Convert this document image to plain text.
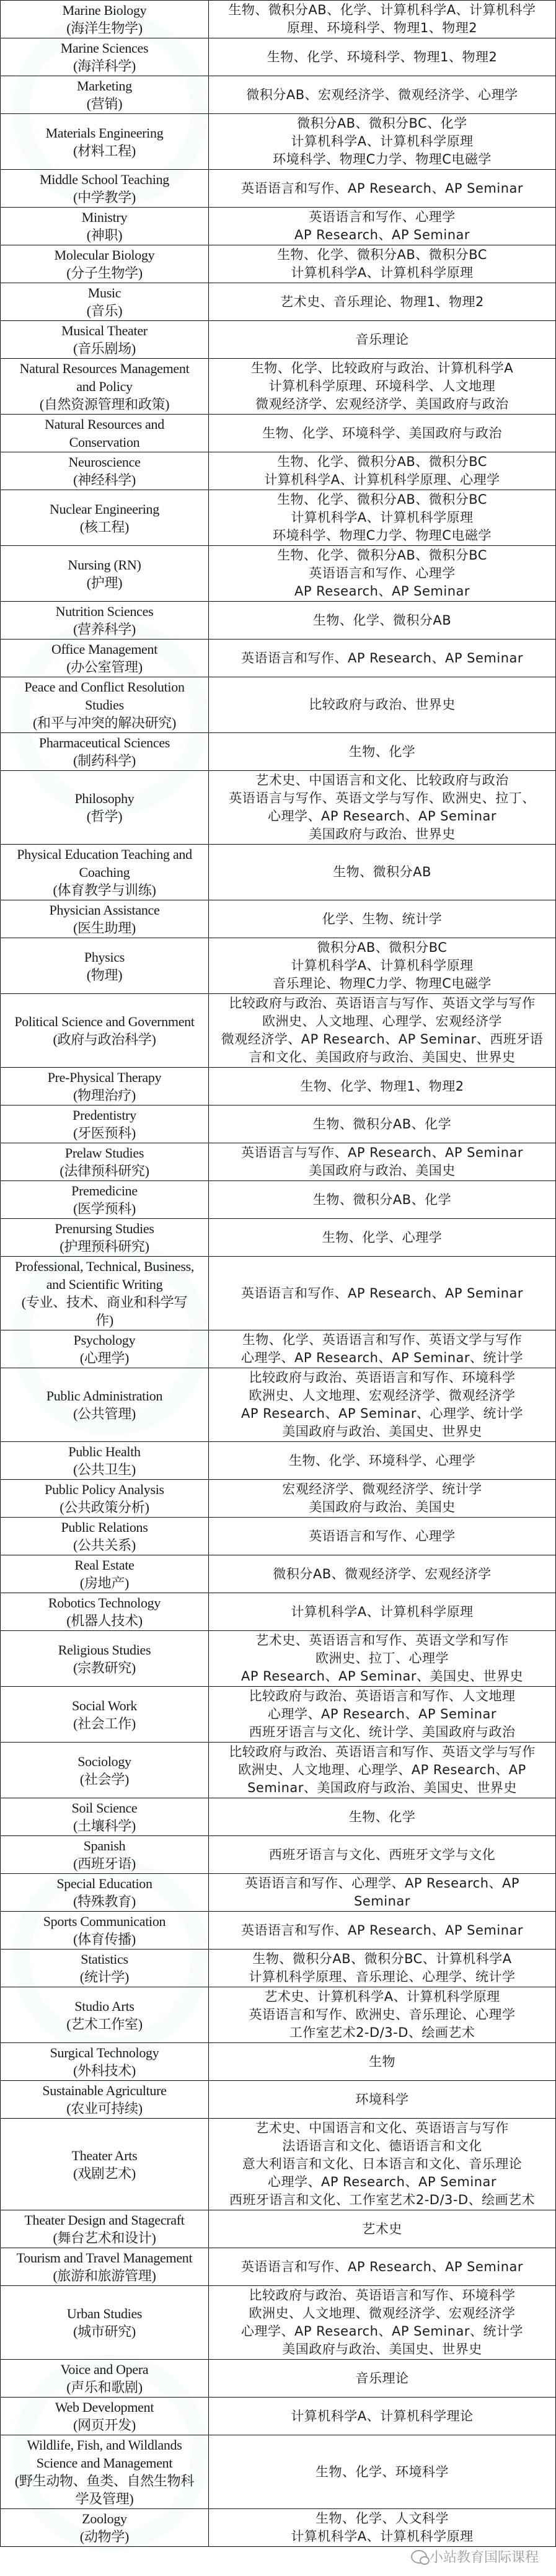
Marine Biology
(海洋生物学)	生物、微积分AB、化学、计算机科学A、计算机科学
原理、环境科学、物理1、物理2

Marine Sciences
(海洋科学)	生物、化学、环境科学、物理1、物理2

Marketing
(营销)	微积分AB、宏观经济学、微观经济学、心理学

Materials Engineering
(材料工程)	微积分AB、微积分BC、化学
计算机科学A、计算机科学原理
环境科学、物理C力学、物理C电磁学

Middle School Teaching
(中学教学)	英语语言和写作、AP Research、AP Seminar

Ministry
(神职)	英语语言和写作、心理学
AP Research、AP Seminar

Molecular Biology
(分子生物学)	生物、化学、微积分AB、微积分BC
计算机科学A、计算机科学原理

Music
(音乐)	艺术史、音乐理论、物理1、物理2

Musical Theater
(音乐剧场)	音乐理论

Natural Resources Management
and Policy
(自然资源管理和政策)	生物、化学、比较政府与政治、计算机科学A
计算机科学原理、环境科学、人文地理
微观经济学、宏观经济学、美国政府与政治

Natural Resources and
Conservation	生物、化学、环境科学、美国政府与政治

Neuroscience
(神经科学)	生物、化学、微积分AB、微积分BC
计算机科学A、计算机科学原理、心理学

Nuclear Engineering
(核工程)	生物、化学、微积分AB、微积分BC
计算机科学A、计算机科学原理
环境科学、物理C力学、物理C电磁学

Nursing (RN)
(护理)	生物、化学、微积分AB、微积分BC
英语语言和写作、心理学
AP Research、AP Seminar

Nutrition Sciences
(营养科学)	生物、化学、微积分AB

Office Management
(办公室管理)	英语语言和写作、AP Research、AP Seminar

Peace and Conflict Resolution
Studies
(和平与冲突的解决研究)	比较政府与政治、世界史

Pharmaceutical Sciences
(制药科学)	生物、化学

Philosophy
(哲学)	艺术史、中国语言和文化、比较政府与政治
英语语言与写作、英语文学与写作、欧洲史、拉丁、
心理学、AP Research、AP Seminar
美国政府与政治、世界史

Physical Education Teaching and
Coaching
(体育教学与训练)	生物、微积分AB

Physician Assistance
(医生助理)	化学、生物、统计学

Physics
(物理)	微积分AB、微积分BC
计算机科学A、计算机科学原理
音乐理论、物理C力学、物理C电磁学

Political Science and Government
(政府与政治科学)	比较政府与政治、英语语言与写作、英语文学与写作
欧洲史、人文地理、心理学、宏观经济学
微观经济学、AP Research、AP Seminar、西班牙语
言和文化、美国政府与政治、美国史、世界史

Pre-Physical Therapy
(物理治疗)	生物、化学、物理1、物理2

Predentistry
(牙医预科)	生物、微积分AB、化学

Prelaw Studies
(法律预科研究)	英语语言与写作、AP Research、AP Seminar
美国政府与政治、美国史

Premedicine
(医学预科)	生物、微积分AB、化学

Prenursing Studies
(护理预科研究)	生物、化学、心理学

Professional, Technical, Business,
and Scientific Writing
(专业、技术、商业和科学写
作)	英语语言和写作、AP Research、AP Seminar

Psychology
(心理学)	生物、化学、英语语言和写作、英语文学与写作
心理学、AP Research、AP Seminar、统计学

Public Administration
(公共管理)	比较政府与政治、英语语言和写作、环境科学
欧洲史、人文地理、宏观经济学、微观经济学
AP Research、AP Seminar、心理学、统计学
美国政府与政治、美国史、世界史

Public Health
(公共卫生)	生物、化学、环境科学、心理学

Public Policy Analysis
(公共政策分析)	宏观经济学、微观经济学、统计学
美国政府与政治、美国史

Public Relations
(公共关系)	英语语言和写作、心理学

Real Estate
(房地产)	微积分AB、微观经济学、宏观经济学

Robotics Technology
(机器人技术)	计算机科学A、计算机科学原理

Religious Studies
(宗教研究)	艺术史、英语语言和写作、英语文学和写作
欧洲史、拉丁、心理学
AP Research、AP Seminar、美国史、世界史

Social Work
(社会工作)	比较政府与政治、英语语言和写作、人文地理
心理学、AP Research、AP Seminar
西班牙语言与文化、统计学、美国政府与政治

Sociology
(社会学)	比较政府与政治、英语语言和写作、英语文学与写作
欧洲史、人文地理、心理学、AP Research、AP
Seminar、美国政府与政治、美国史、世界史

Soil Science
(土壤科学)	生物、化学

Spanish
(西班牙语)	西班牙语言与文化、西班牙文学与文化

Special Education
(特殊教育)	英语语言和写作、心理学、AP Research、AP
Seminar

Sports Communication
(体育传播)	英语语言和写作、AP Research、AP Seminar

Statistics
(统计学)	生物、微积分AB、微积分BC、计算机科学A
计算机科学原理、音乐理论、心理学、统计学

Studio Arts
(艺术工作室)	艺术史、计算机科学A、计算机科学原理
英语语言和写作、欧洲史、音乐理论、心理学
工作室艺术2-D/3-D、绘画艺术

Surgical Technology
(外科技术)	生物

Sustainable Agriculture
(农业可持续)	环境科学

Theater Arts
(戏剧艺术)	艺术史、中国语言和文化、英语语言与写作
法语语言和文化、德语语言和文化
意大利语言和文化、日本语言和文化、音乐理论
心理学、AP Research、AP Seminar
西班牙语言和文化、工作室艺术2-D/3-D、绘画艺术

Theater Design and Stagecraft
(舞台艺术和设计)	艺术史

Tourism and Travel Management
(旅游和旅游管理)	英语语言和写作、AP Research、AP Seminar

Urban Studies
(城市研究)	比较政府与政治、英语语言和写作、环境科学
欧洲史、人文地理、微观经济学、宏观经济学
心理学、AP Research、AP Seminar、统计学
美国政府与政治、美国史、世界史

Voice and Opera
(声乐和歌剧)	音乐理论

Web Development
(网页开发)	计算机科学A、计算机科学理论

Wildlife, Fish, and Wildlands
Science and Management
(野生动物、鱼类、自然生物科
学及管理)	生物、化学、环境科学

Zoology
(动物学)	生物、化学、人文科学
计算机科学A、计算机科学原理
小站教育国际课程
